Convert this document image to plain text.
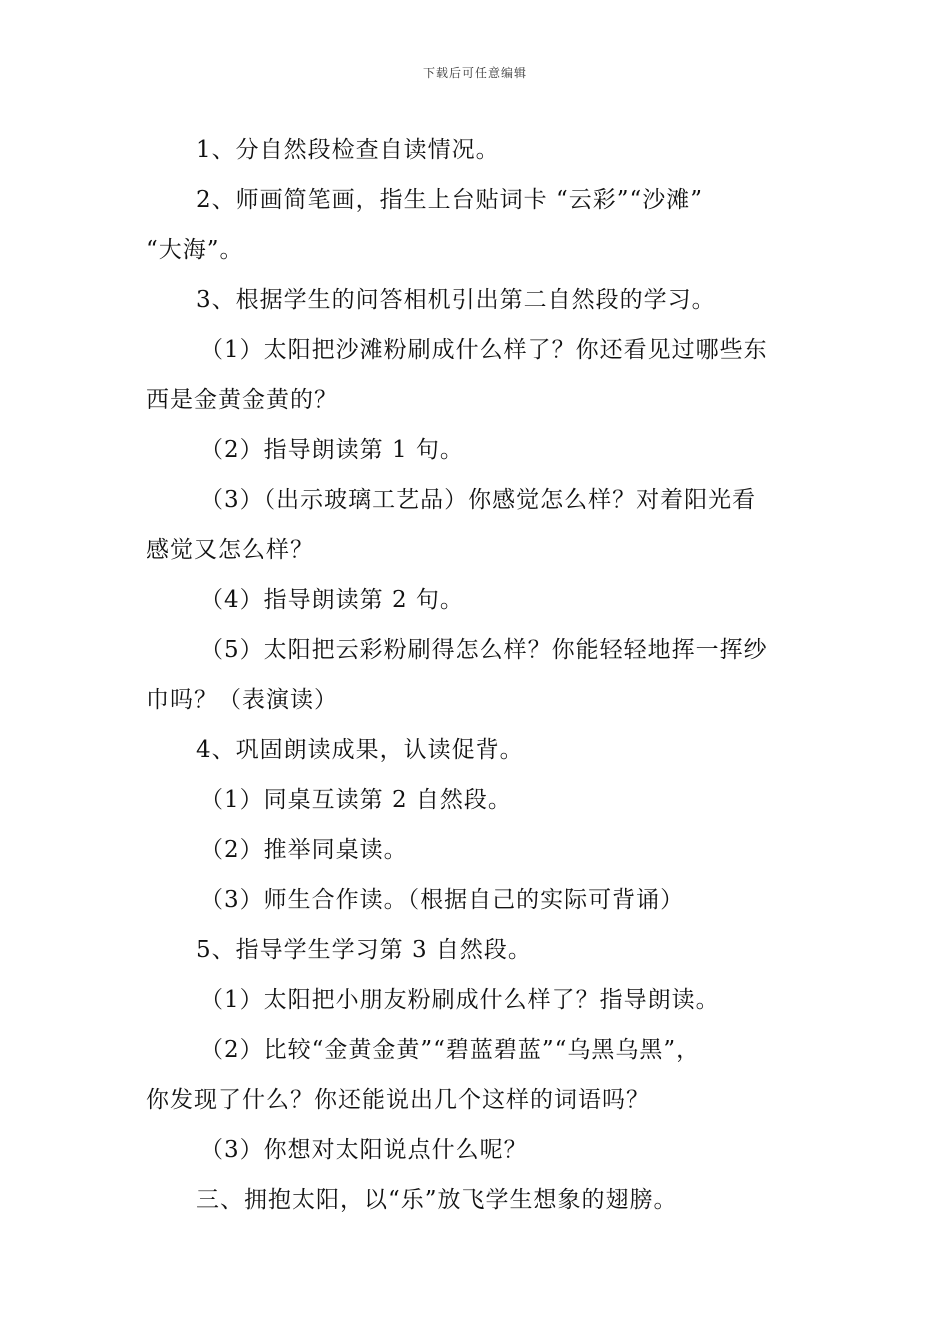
下载后可任意编辑
1、分自然段检查自读情况。
2、师画简笔画，指生上台贴词卡 “云彩”“沙滩”
“大海”。
3、根据学生的问答相机引出第二自然段的学习。
（1）太阳把沙滩粉刷成什么样了？你还看见过哪些东
西是金黄金黄的？
（2）指导朗读第 1 句。
（3）（出示玻璃工艺品）你感觉怎么样？对着阳光看
感觉又怎么样？
（4）指导朗读第 2 句。
（5）太阳把云彩粉刷得怎么样？你能轻轻地挥一挥纱
巾吗？（表演读）
4、巩固朗读成果，认读促背。
（1）同桌互读第 2 自然段。
（2）推举同桌读。
（3）师生合作读。（根据自己的实际可背诵）
5、指导学生学习第 3 自然段。
（1）太阳把小朋友粉刷成什么样了？指导朗读。
（2）比较“金黄金黄”“碧蓝碧蓝”“乌黑乌黑”，
你发现了什么？你还能说出几个这样的词语吗？
（3）你想对太阳说点什么呢？
三、拥抱太阳，以“乐”放飞学生想象的翅膀。
